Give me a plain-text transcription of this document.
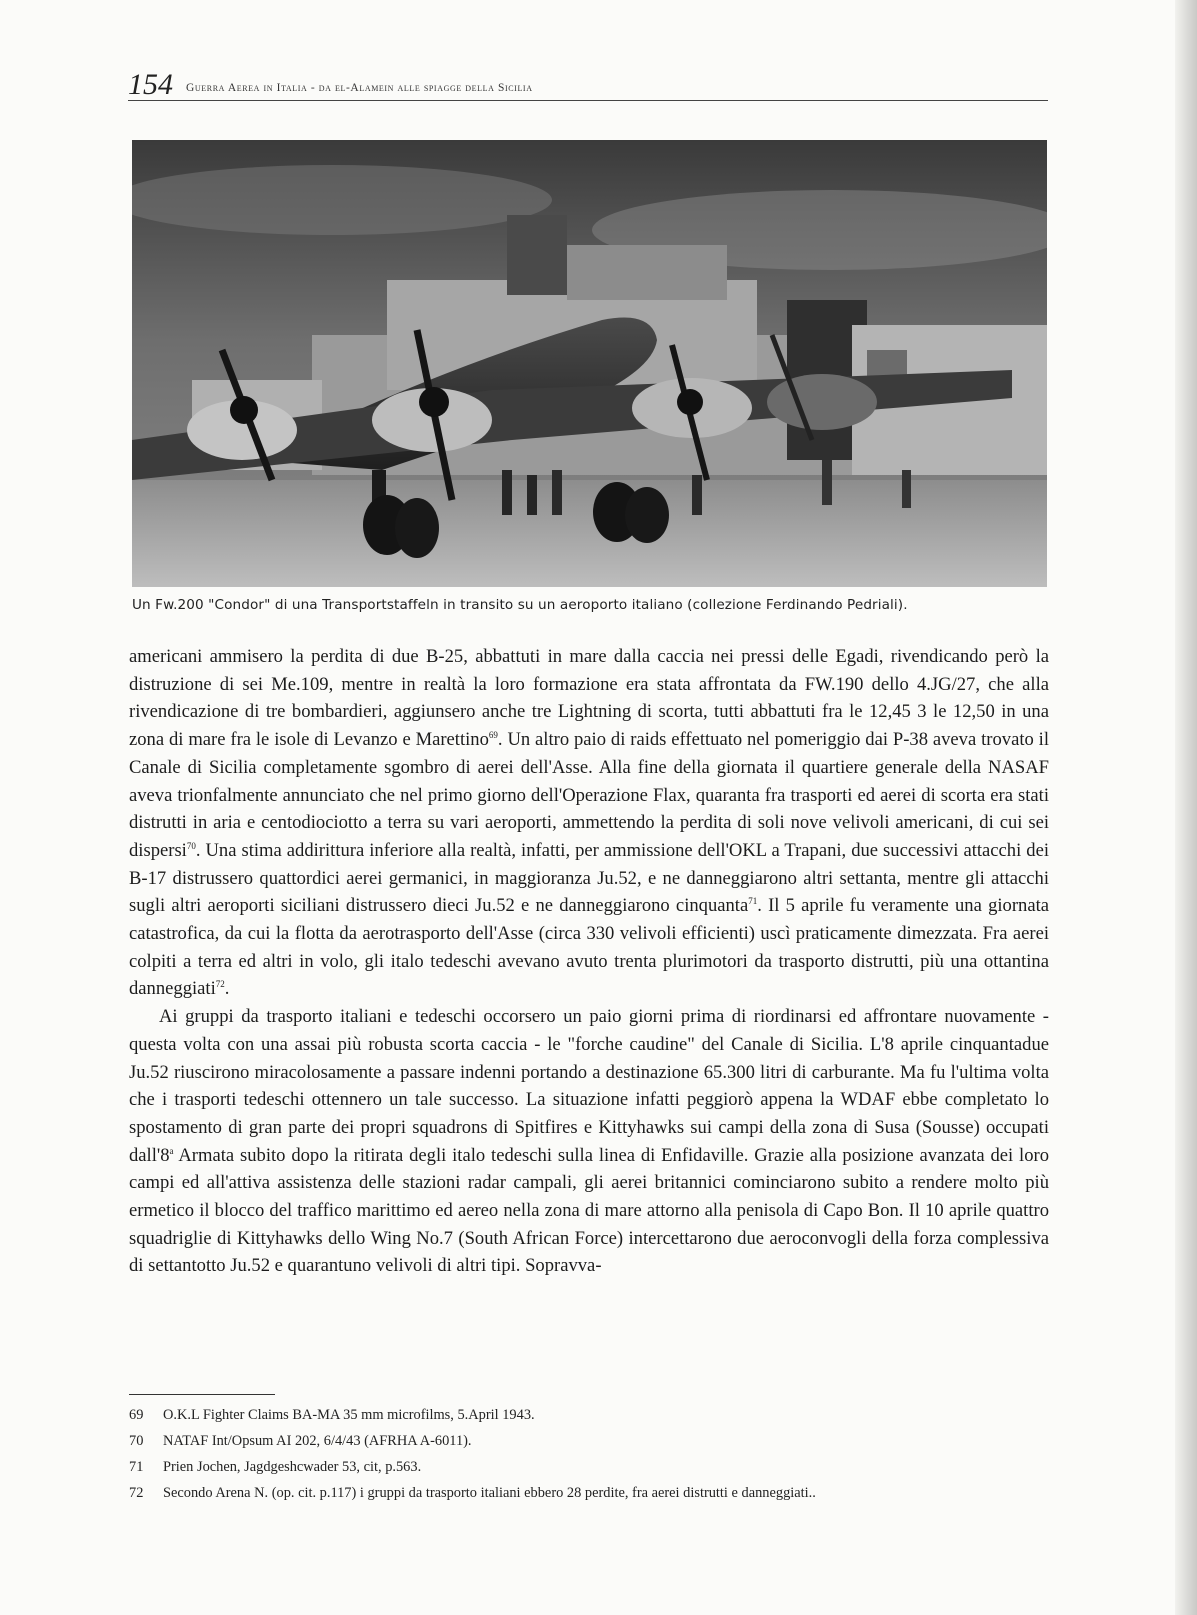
154 Guerra Aerea in Italia - da el-Alamein alle spiagge della Sicilia
Un Fw.200 "Condor" di una Transportstaffeln in transito su un aeroporto italiano (collezione Ferdinando Pedriali).

americani ammisero la perdita di due B-25, abbattuti in mare dalla caccia nei pressi delle Egadi, rivendicando però la distruzione di sei Me.109, mentre in realtà la loro formazione era stata affrontata da FW.190 dello 4.JG/27, che alla rivendicazione di tre bombardieri, aggiunsero anche tre Lightning di scorta, tutti abbattuti fra le 12,45 3 le 12,50 in una zona di mare fra le isole di Levanzo e Marettino$^{69}$. Un altro paio di raids effettuato nel pomeriggio dai P-38 aveva trovato il Canale di Sicilia completamente sgombro di aerei dell'Asse. Alla fine della giornata il quartiere generale della NASAF aveva trionfalmente annunciato che nel primo giorno dell'Operazione Flax, quaranta fra trasporti ed aerei di scorta era stati distrutti in aria e centodiociotto a terra su vari aeroporti, ammettendo la perdita di soli nove velivoli americani, di cui sei dispersi$^{70}$. Una stima addirittura inferiore alla realtà, infatti, per ammissione dell'OKL a Trapani, due successivi attacchi dei B-17 distrussero quattordici aerei germanici, in maggioranza Ju.52, e ne danneggiarono altri settanta, mentre gli attacchi sugli altri aeroporti siciliani distrussero dieci Ju.52 e ne danneggiarono cinquanta$^{71}$. Il 5 aprile fu veramente una giornata catastrofica, da cui la flotta da aerotrasporto dell'Asse (circa 330 velivoli efficienti) uscì praticamente dimezzata. Fra aerei colpiti a terra ed altri in volo, gli italo tedeschi avevano avuto trenta plurimotori da trasporto distrutti, più una ottantina danneggiati$^{72}$.

Ai gruppi da trasporto italiani e tedeschi occorsero un paio giorni prima di riordinarsi ed affrontare nuovamente - questa volta con una assai più robusta scorta caccia - le "forche caudine" del Canale di Sicilia. L'8 aprile cinquantadue Ju.52 riuscirono miracolosamente a passare indenni portando a destinazione 65.300 litri di carburante. Ma fu l'ultima volta che i trasporti tedeschi ottennero un tale successo. La situazione infatti peggiorò appena la WDAF ebbe completato lo spostamento di gran parte dei propri squadrons di Spitfires e Kittyhawks sui campi della zona di Susa (Sousse) occupati dall'8$^a$ Armata subito dopo la ritirata degli italo tedeschi sulla linea di Enfidaville. Grazie alla posizione avanzata dei loro campi ed all'attiva assistenza delle stazioni radar campali, gli aerei britannici cominciarono subito a rendere molto più ermetico il blocco del traffico marittimo ed aereo nella zona di mare attorno alla penisola di Capo Bon. Il 10 aprile quattro squadriglie di Kittyhawks dello Wing No.7 (South African Force) intercettarono due aeroconvogli della forza complessiva di settantotto Ju.52 e quarantuno velivoli di altri tipi. Sopravva-

69	O.K.L Fighter Claims BA-MA 35 mm microfilms, 5.April 1943.
70	NATAF Int/Opsum AI 202, 6/4/43 (AFRHA A-6011).
71	Prien Jochen, Jagdgeshcwader 53, cit, p.563.
72	Secondo Arena N. (op. cit. p.117) i gruppi da trasporto italiani ebbero 28 perdite, fra aerei distrutti e danneggiati..
